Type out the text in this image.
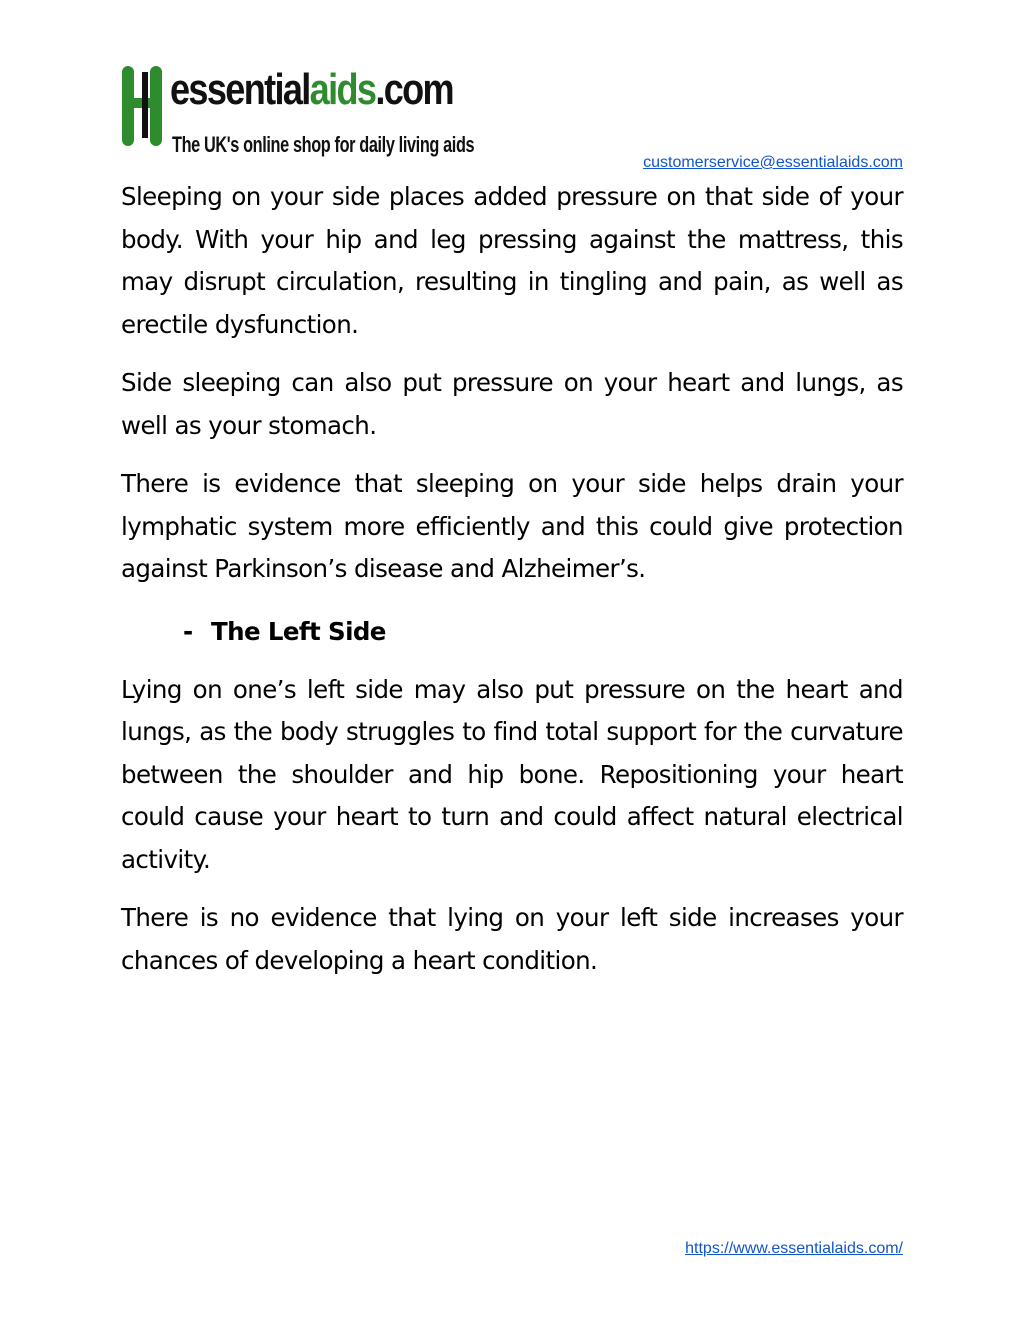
essentialaids.com
The UK's online shop for daily living aids
customerservice@essentialaids.com

Sleeping on your side places added pressure on that side of your body. With your hip and leg pressing against the mattress, this may disrupt circulation, resulting in tingling and pain, as well as erectile dysfunction.

Side sleeping can also put pressure on your heart and lungs, as well as your stomach.

There is evidence that sleeping on your side helps drain your lymphatic system more efficiently and this could give protection against Parkinson’s disease and Alzheimer’s.

- The Left Side

Lying on one’s left side may also put pressure on the heart and lungs, as the body struggles to find total support for the curvature between the shoulder and hip bone. Repositioning your heart could cause your heart to turn and could affect natural electrical activity.

There is no evidence that lying on your left side increases your chances of developing a heart condition.

https://www.essentialaids.com/
